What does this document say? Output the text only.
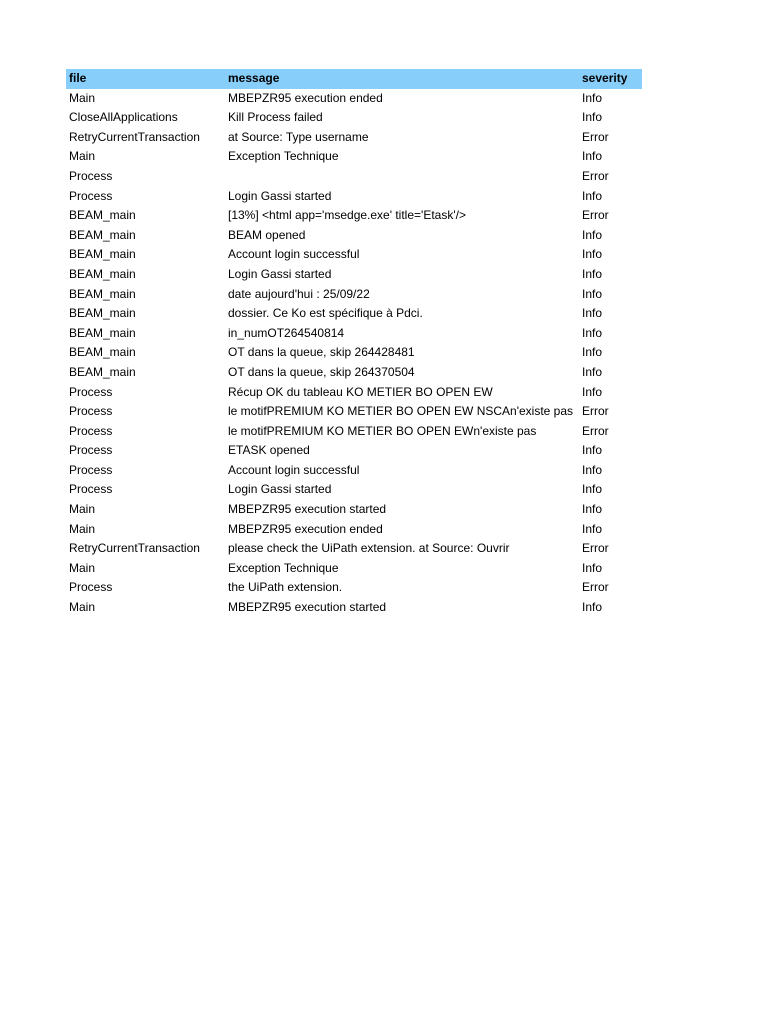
file	message	severity
Main	MBEPZR95 execution ended	Info
CloseAllApplications	Kill Process failed	Info
RetryCurrentTransaction	at Source: Type username	Error
Main	Exception Technique	Info
Process		Error
Process	Login Gassi started	Info
BEAM_main	[13%] <html app='msedge.exe' title='Etask'/>	Error
BEAM_main	BEAM opened	Info
BEAM_main	Account login successful	Info
BEAM_main	Login Gassi started	Info
BEAM_main	date aujourd'hui : 25/09/22	Info
BEAM_main	dossier. Ce Ko est spécifique à Pdci.	Info
BEAM_main	in_numOT264540814	Info
BEAM_main	OT dans la queue, skip 264428481	Info
BEAM_main	OT dans la queue, skip 264370504	Info
Process	Récup OK du tableau KO METIER BO OPEN EW	Info
Process	le motifPREMIUM KO METIER BO OPEN EW NSCAn'existe pas	Error
Process	le motifPREMIUM KO METIER BO OPEN EWn'existe pas	Error
Process	ETASK opened	Info
Process	Account login successful	Info
Process	Login Gassi started	Info
Main	MBEPZR95 execution started	Info
Main	MBEPZR95 execution ended	Info
RetryCurrentTransaction	please check the UiPath extension. at Source: Ouvrir	Error
Main	Exception Technique	Info
Process	the UiPath extension.	Error
Main	MBEPZR95 execution started	Info
